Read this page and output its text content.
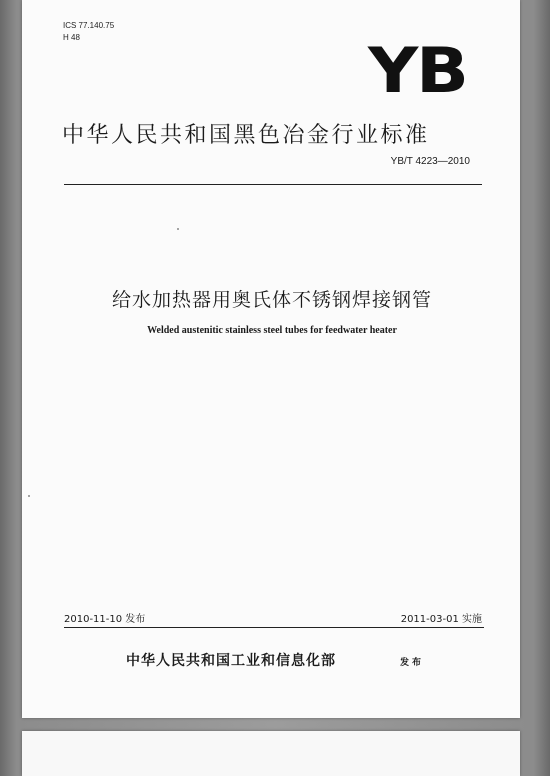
ICS 77.140.75
H 48	YB
中华人民共和国黑色冶金行业标准
YB/T 4223—2010
给水加热器用奥氏体不锈钢焊接钢管
Welded austenitic stainless steel tubes for feedwater heater
2010-11-10 发布	2011-03-01 实施
中华人民共和国工业和信息化部	发布
